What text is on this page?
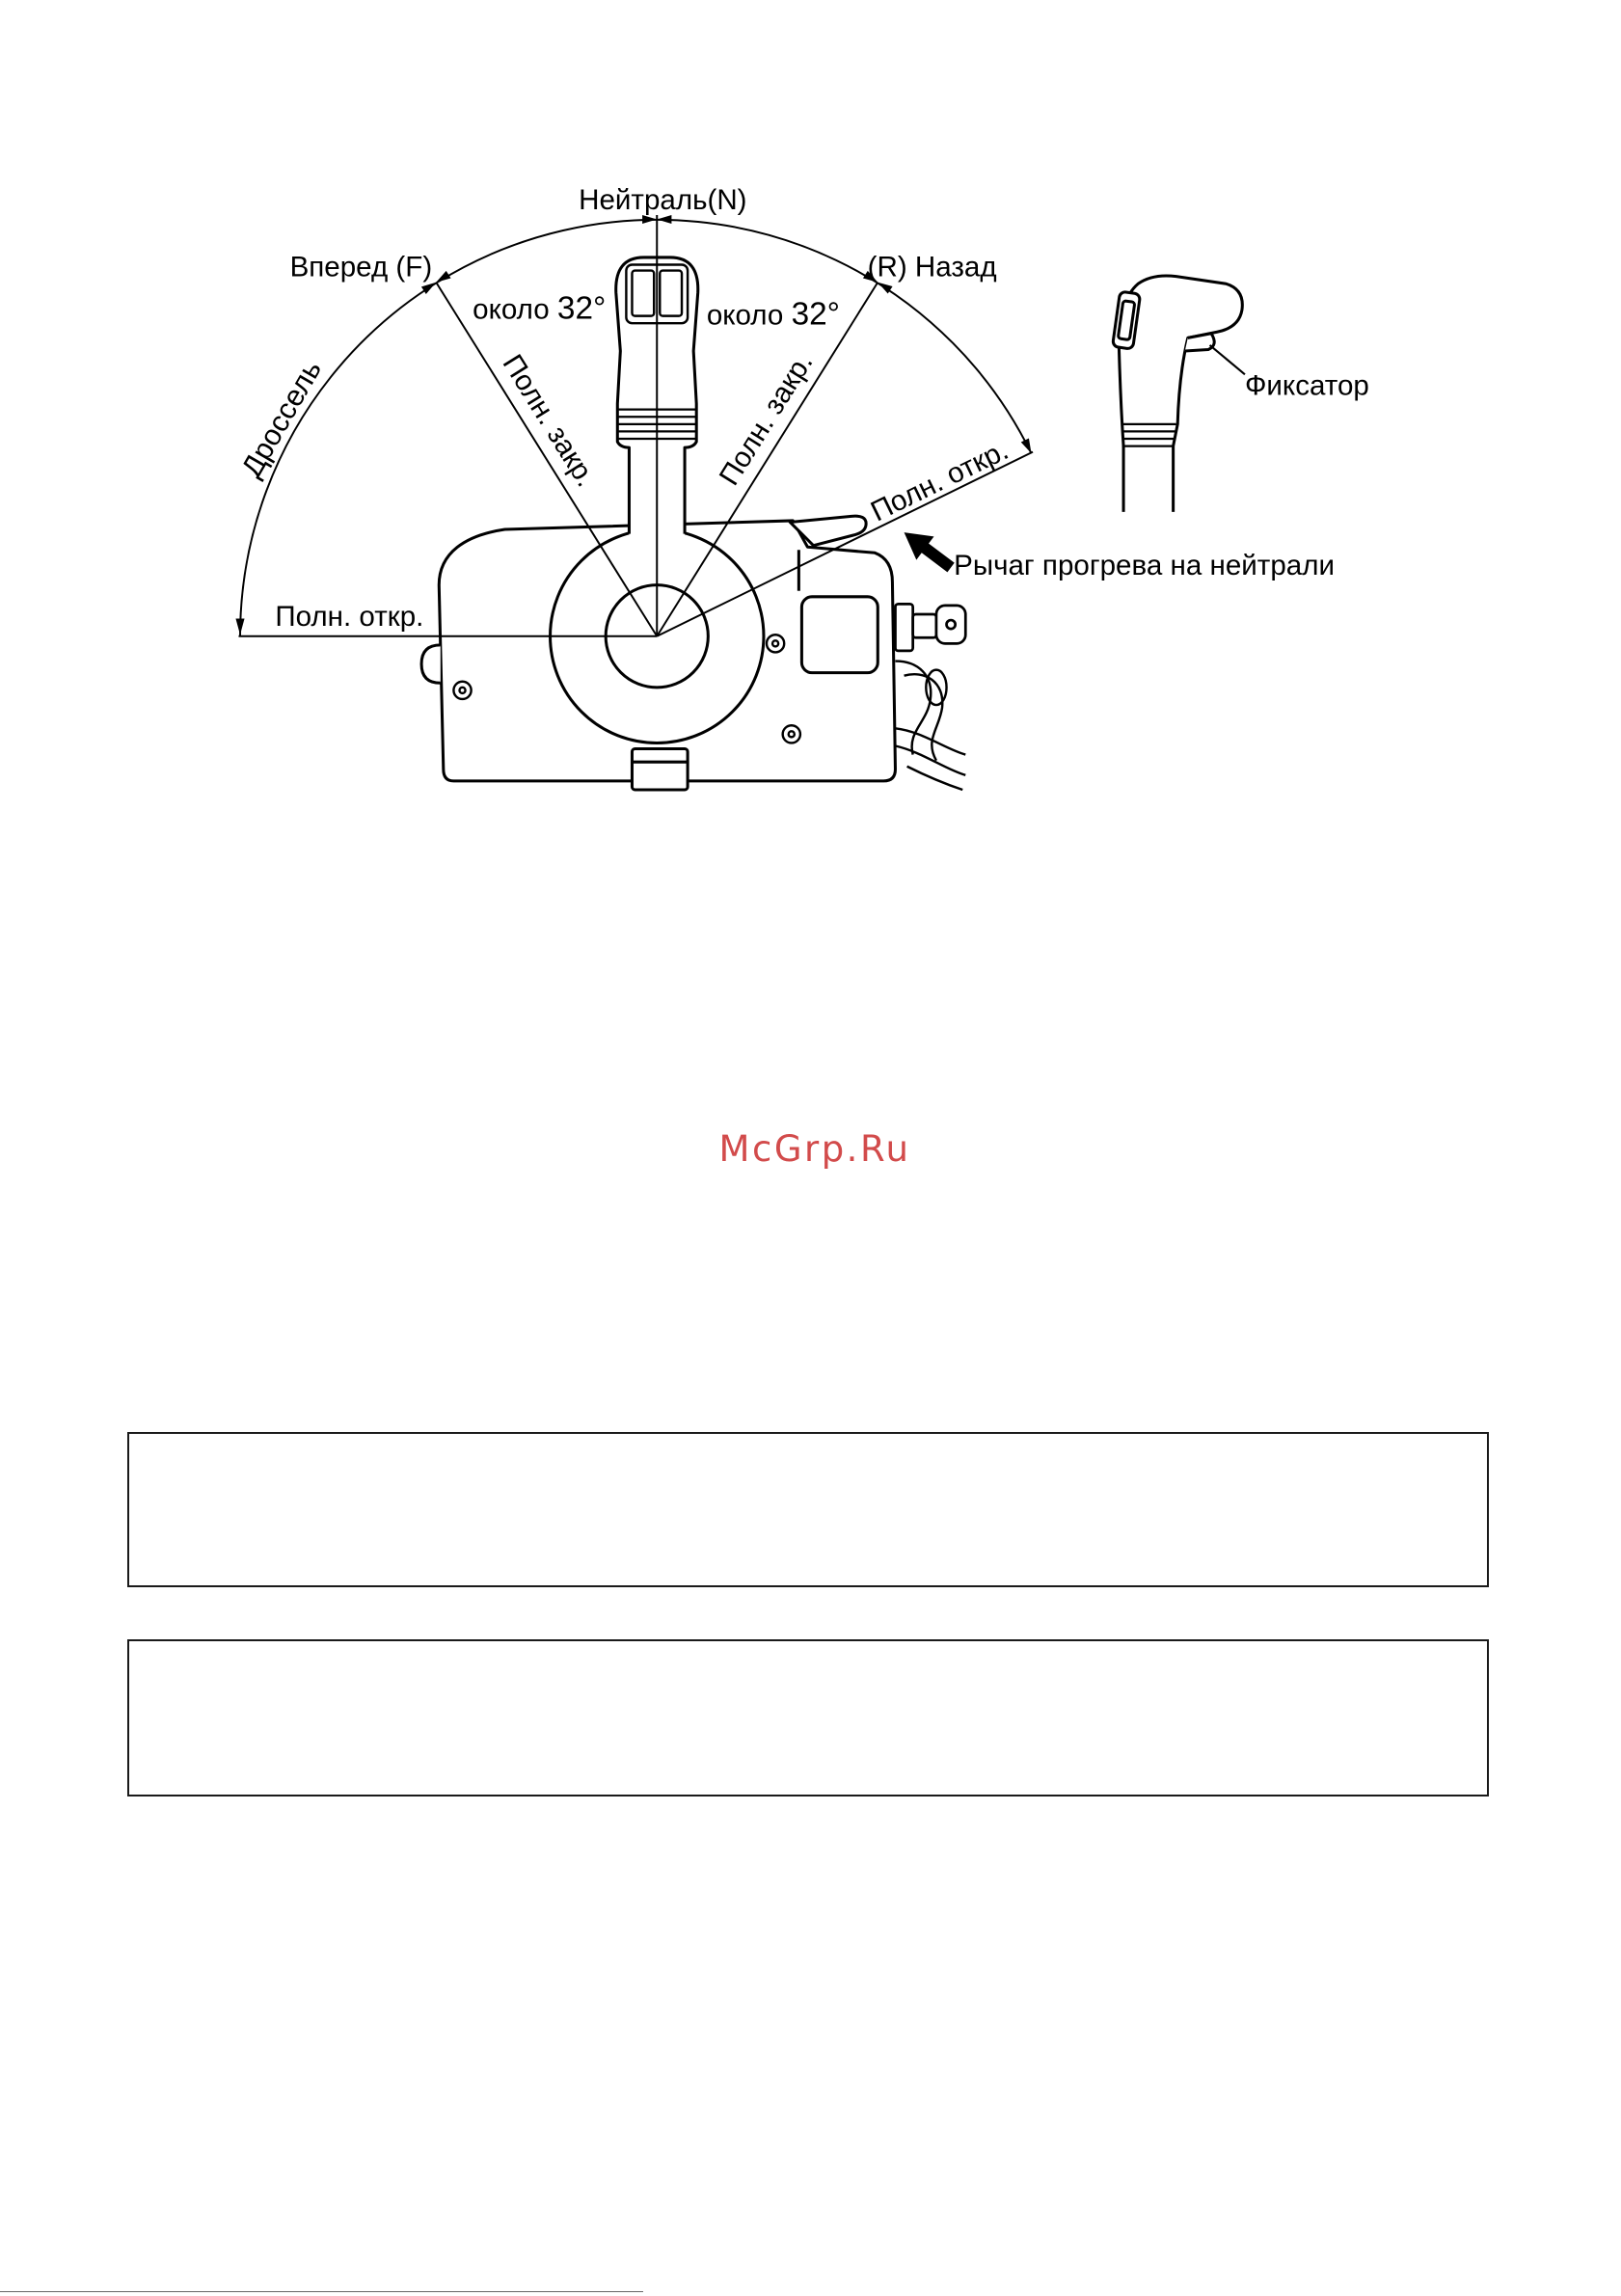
Нейтраль(N)
Вперед (F)	(R) Назад
около 32°	около 32°
Дроссель	Полн. закр.	Полн. закр. Полн. откр.
Полн. откр.
Рычаг прогрева на нейтрали
Фиксатор
McGrp.Ru
